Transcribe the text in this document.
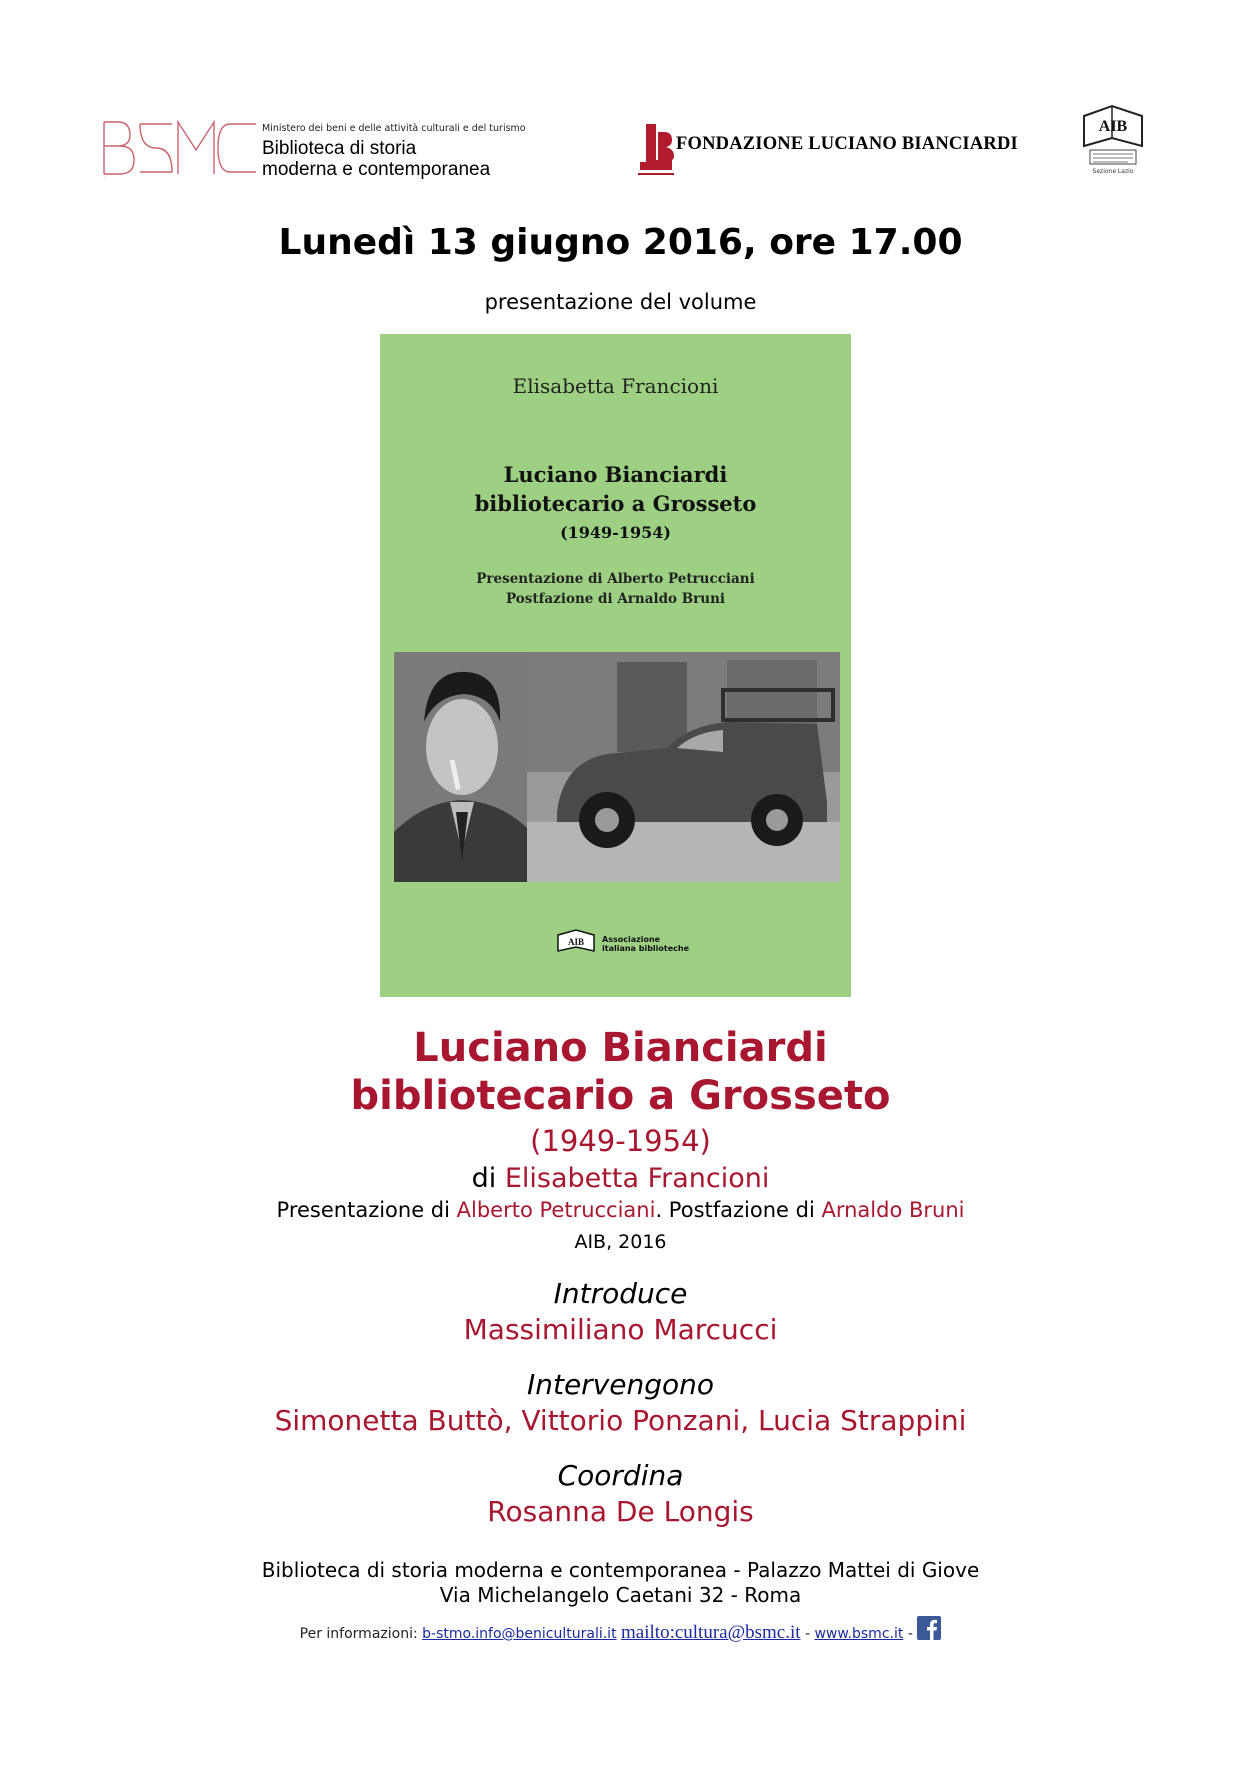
BSMC
Ministero dei beni e delle attività culturali e del turismo
Biblioteca di storia
moderna e contemporanea
FONDAZIONE LUCIANO BIANCIARDI
AIB
Sezione Lazio
Lunedì 13 giugno 2016, ore 17.00
presentazione del volume
Elisabetta Francioni
Luciano Bianciardi
bibliotecario a Grosseto
(1949-1954)
Presentazione di Alberto Petrucciani
Postfazione di Arnaldo Bruni
AIB Associazione
italiana biblioteche
Luciano Bianciardi
bibliotecario a Grosseto
(1949-1954)
di Elisabetta Francioni
Presentazione di Alberto Petrucciani. Postfazione di Arnaldo Bruni
AIB, 2016
Introduce
Massimiliano Marcucci
Intervengono
Simonetta Buttò, Vittorio Ponzani, Lucia Strappini
Coordina
Rosanna De Longis
Biblioteca di storia moderna e contemporanea - Palazzo Mattei di Giove
Via Michelangelo Caetani 32 - Roma
Per informazioni: b-stmo.info@beniculturali.it mailto:cultura@bsmc.it - www.bsmc.it -
